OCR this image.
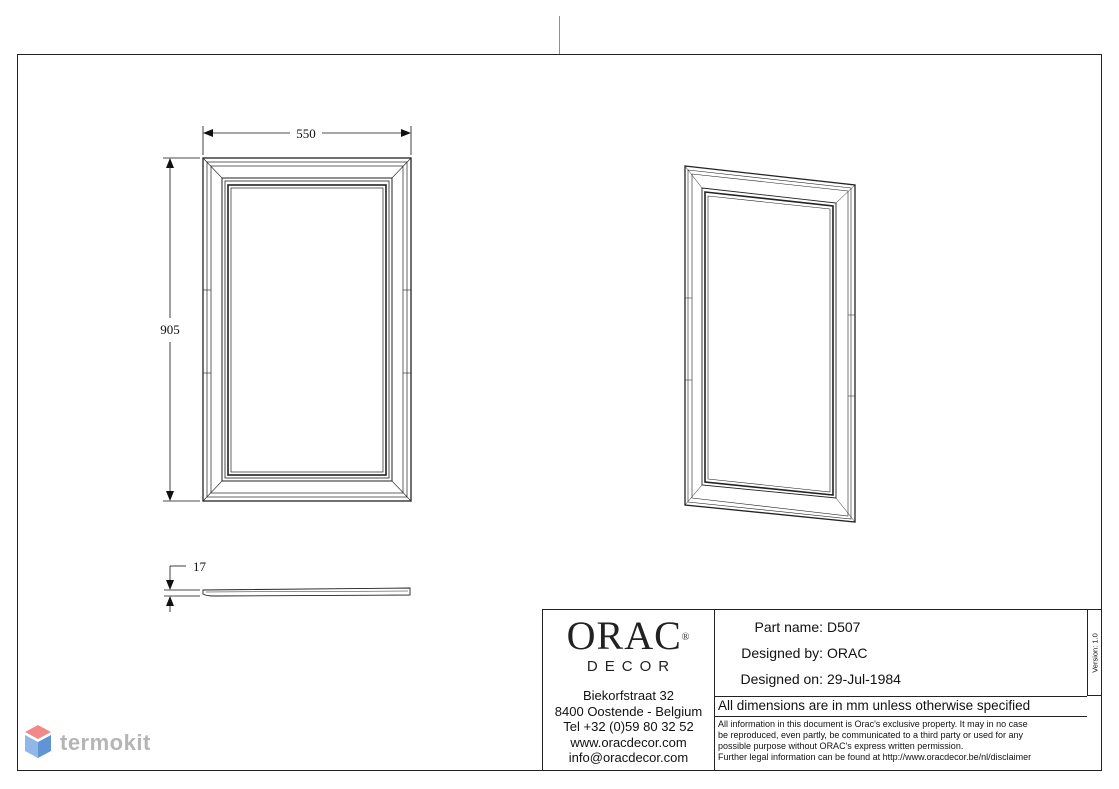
550
905
17
ORAC®
DECOR
Biekorfstraat 32
8400 Oostende - Belgium
Tel +32 (0)59 80 32 52
www.oracdecor.com
info@oracdecor.com
Part name: D507
Designed by: ORAC
Designed on: 29-Jul-1984
All dimensions are in mm unless otherwise specified
All information in this document is Orac's exclusive property. It may in no case
be reproduced, even partly, be communicated to a third party or used for any
possible purpose without ORAC's express written permission.
Further legal information can be found at http://www.oracdecor.be/nl/disclaimer
Version: 1.0
termokit
